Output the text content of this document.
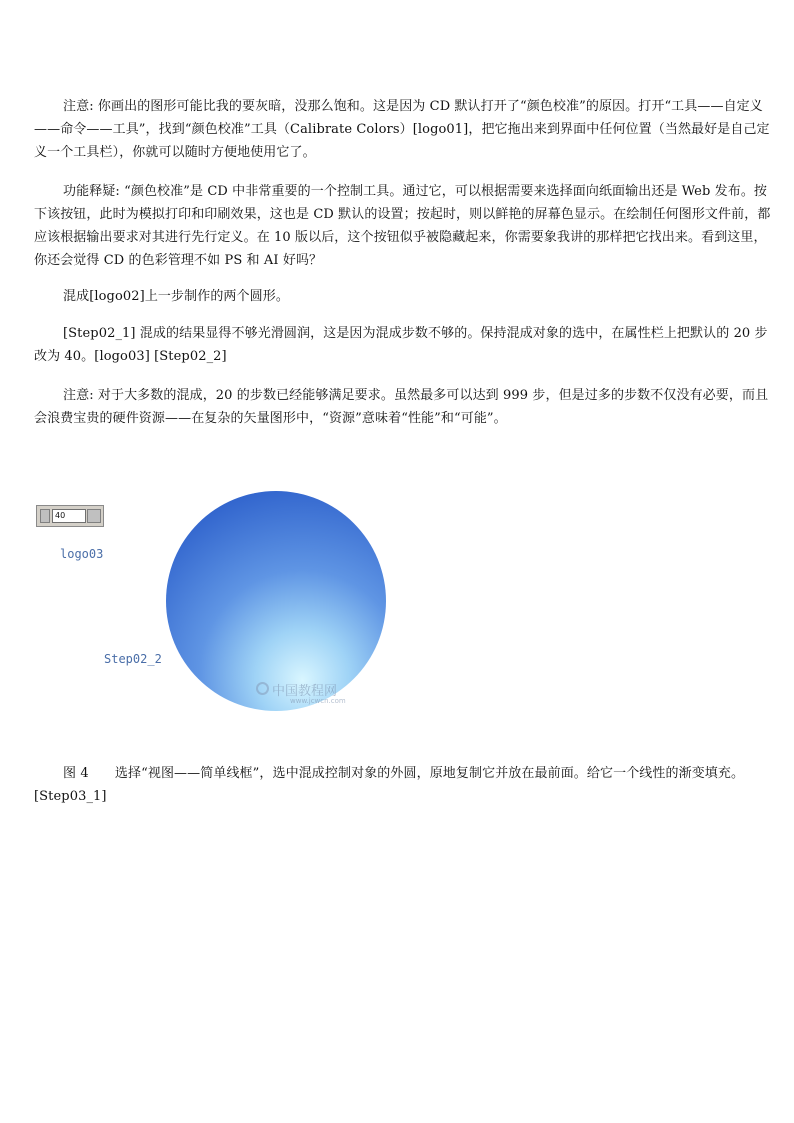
注意: 你画出的图形可能比我的要灰暗，没那么饱和。这是因为 CD 默认打开了“颜色校准”的原因。打开“工具——自定义——命令——工具”，找到“颜色校准”工具（Calibrate Colors）[logo01]，把它拖出来到界面中任何位置（当然最好是自己定义一个工具栏），你就可以随时方便地使用它了。

功能释疑: “颜色校准”是 CD 中非常重要的一个控制工具。通过它，可以根据需要来选择面向纸面输出还是 Web 发布。按下该按钮，此时为模拟打印和印刷效果，这也是 CD 默认的设置；按起时，则以鲜艳的屏幕色显示。在绘制任何图形文件前，都应该根据输出要求对其进行先行定义。在 10 版以后，这个按钮似乎被隐藏起来，你需要象我讲的那样把它找出来。看到这里，你还会觉得 CD 的色彩管理不如 PS 和 AI 好吗？

混成[logo02]上一步制作的两个圆形。

[Step02_1] 混成的结果显得不够光滑圆润，这是因为混成步数不够的。保持混成对象的选中，在属性栏上把默认的 20 步改为 40。[logo03] [Step02_2]

注意: 对于大多数的混成，20 的步数已经能够满足要求。虽然最多可以达到 999 步，但是过多的步数不仅没有必要，而且会浪费宝贵的硬件资源——在复杂的矢量图形中，“资源”意味着“性能”和“可能”。

40
logo03
Step02_2
中国教程网
www.jcwcn.com

图 4　　选择“视图——简单线框”，选中混成控制对象的外圆，原地复制它并放在最前面。给它一个线性的渐变填充。 [Step03_1]
